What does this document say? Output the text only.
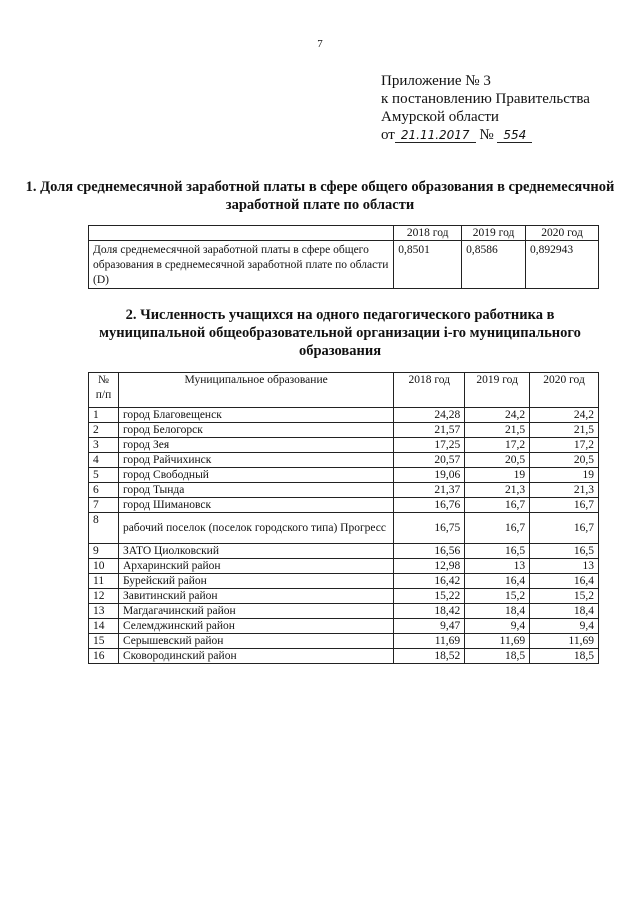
7
Приложение № 3
к постановлению Правительства
Амурской области
от 21.11.2017 № 554
1. Доля среднемесячной заработной платы в сфере общего образования в среднемесячной заработной плате по области
	2018 год	2019 год	2020 год
Доля среднемесячной заработной платы в сфере общего образования в среднемесячной заработной плате по области (D)	0,8501	0,8586	0,892943
2. Численность учащихся на одного педагогического работника в муниципальной общеобразовательной организации i-го муниципального образования
№ п/п	Муниципальное образование	2018 год	2019 год	2020 год
1	город Благовещенск	24,28	24,2	24,2
2	город Белогорск	21,57	21,5	21,5
3	город Зея	17,25	17,2	17,2
4	город Райчихинск	20,57	20,5	20,5
5	город Свободный	19,06	19	19
6	город Тында	21,37	21,3	21,3
7	город Шимановск	16,76	16,7	16,7
8	рабочий поселок (поселок городского типа) Прогресс	16,75	16,7	16,7
9	ЗАТО Циолковский	16,56	16,5	16,5
10	Архаринский район	12,98	13	13
11	Бурейский район	16,42	16,4	16,4
12	Завитинский район	15,22	15,2	15,2
13	Магдагачинский район	18,42	18,4	18,4
14	Селемджинский район	9,47	9,4	9,4
15	Серышевский район	11,69	11,69	11,69
16	Сковородинский район	18,52	18,5	18,5
